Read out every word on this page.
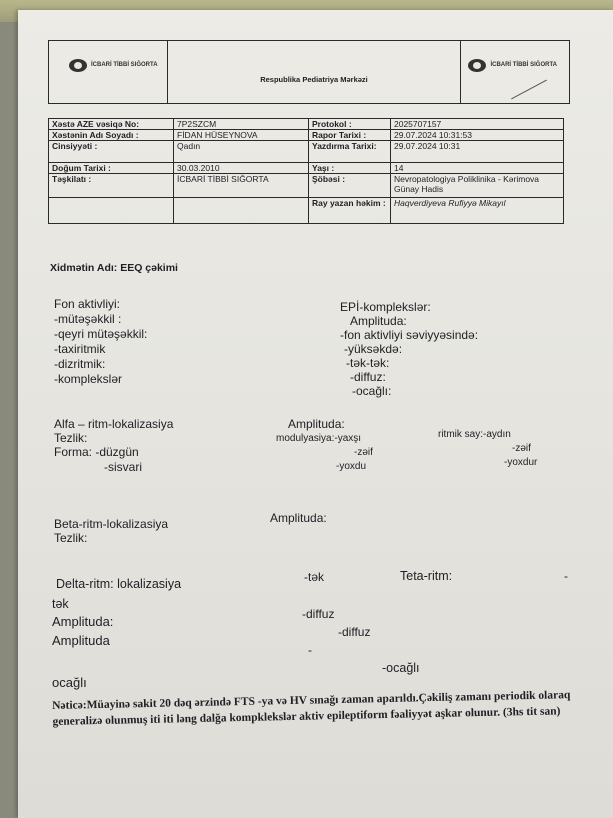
İCBARİ TİBBİ SIĞORTA
Respublika Pediatriya Mərkəzi
İCBARİ TİBBİ SIĞORTA
Xəstə AZE vəsiqə No:	7P2SZCM	Protokol :	2025707157
Xəstənin Adı Soyadı :	FİDAN HÜSEYNOVA	Rapor Tarixi :	29.07.2024 10:31:53
Cinsiyyəti :	Qadın	Yazdırma Tarixi:	29.07.2024 10:31
Doğum Tarixi :	30.03.2010	Yaşı :	14
Təşkilatı :	İCBARİ TİBBİ SIĞORTA	Şöbəsi :	Nevropatologiya Poliklinika - Kərimova Günay Hadis
		Ray yazan həkim :	Haqverdiyeva Rufiyyə Mikayıl
Xidmətin Adı: EEQ çəkimi
Fon aktivliyi:
-mütəşəkkil :
-qeyri mütəşəkkil:
-taxiritmik
-dizritmik:
-komplekslər
EPİ-komplekslər:
Amplituda:
-fon aktivliyi səviyyəsində:
-yüksəkdə:
-tək-tək:
-diffuz:
-ocağlı:
Alfa – ritm-lokalizasiya
Tezlik:
Forma: -düzgün
-sisvari
Amplituda:
modulyasiya:-yaxşı
-zəif
-yoxdu
ritmik say:-aydın
-zəif
-yoxdur
Beta-ritm-lokalizasiya
Tezlik:
Amplituda:
Delta-ritm: lokalizasiya	-tək	Teta-ritm:	-
tək
Amplituda:	-diffuz
Amplituda
-diffuz
-
-ocağlı
ocağlı
Nəticə:Müayinə sakit 20 dəq ərzində FTS -ya və HV sınağı zaman aparıldı.Çəkiliş zamanı periodik olaraq generalizə olunmuş iti iti ləng dalğa kompklekslər aktiv epileptiform fəaliyyət aşkar olunur. (3hs tit san)
